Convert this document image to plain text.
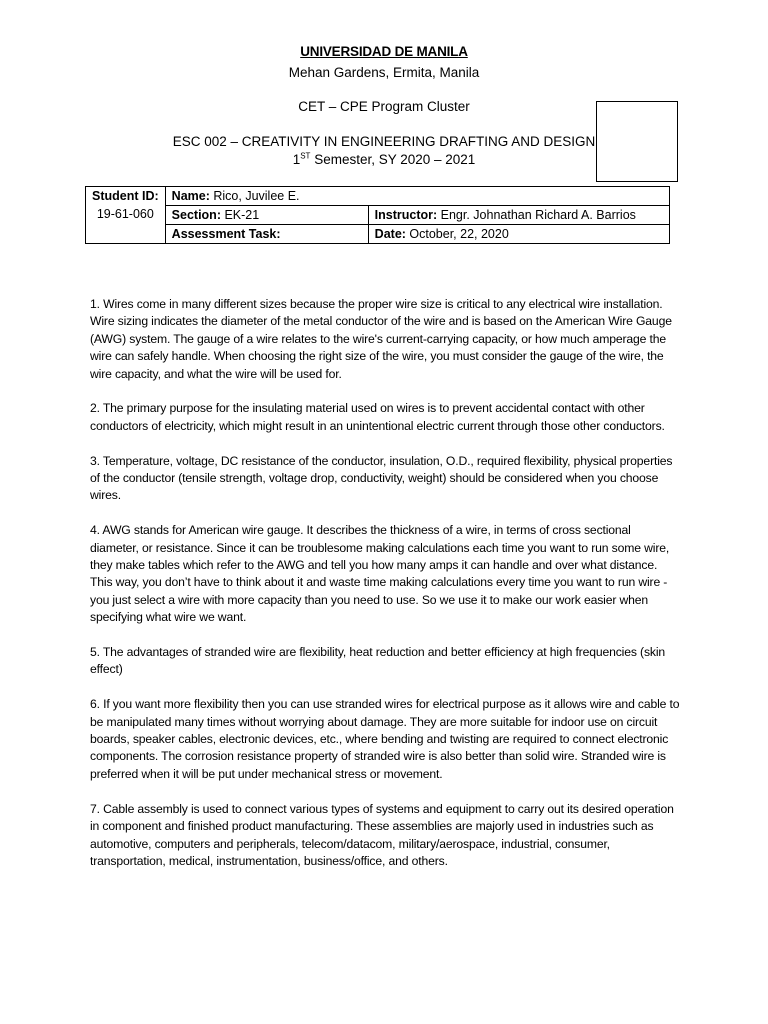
UNIVERSIDAD DE MANILA
Mehan Gardens, Ermita, Manila
CET – CPE Program Cluster
ESC 002 – CREATIVITY IN ENGINEERING DRAFTING AND DESIGN
1ST Semester, SY 2020 – 2021
Student ID:
19-61-060	Name: Rico, Juvilee E.	
	Section: EK-21	Instructor: Engr. Johnathan Richard A. Barrios
	Assessment Task:	Date: October, 22, 2020

1. Wires come in many different sizes because the proper wire size is critical to any electrical wire installation. Wire sizing indicates the diameter of the metal conductor of the wire and is based on the American Wire Gauge (AWG) system. The gauge of a wire relates to the wire's current-carrying capacity, or how much amperage the wire can safely handle. When choosing the right size of the wire, you must consider the gauge of the wire, the wire capacity, and what the wire will be used for.

2. The primary purpose for the insulating material used on wires is to prevent accidental contact with other conductors of electricity, which might result in an unintentional electric current through those other conductors.

3. Temperature, voltage, DC resistance of the conductor, insulation, O.D., required flexibility, physical properties of the conductor (tensile strength, voltage drop, conductivity, weight) should be considered when you choose wires.

4. AWG stands for American wire gauge. It describes the thickness of a wire, in terms of cross sectional diameter, or resistance. Since it can be troublesome making calculations each time you want to run some wire, they make tables which refer to the AWG and tell you how many amps it can handle and over what distance. This way, you don’t have to think about it and waste time making calculations every time you want to run wire - you just select a wire with more capacity than you need to use. So we use it to make our work easier when specifying what wire we want.

5. The advantages of stranded wire are flexibility, heat reduction and better efficiency at high frequencies (skin effect)

6. If you want more flexibility then you can use stranded wires for electrical purpose as it allows wire and cable to be manipulated many times without worrying about damage. They are more suitable for indoor use on circuit boards, speaker cables, electronic devices, etc., where bending and twisting are required to connect electronic components. The corrosion resistance property of stranded wire is also better than solid wire. Stranded wire is preferred when it will be put under mechanical stress or movement.

7. Cable assembly is used to connect various types of systems and equipment to carry out its desired operation in component and finished product manufacturing. These assemblies are majorly used in industries such as automotive, computers and peripherals, telecom/datacom, military/aerospace, industrial, consumer, transportation, medical, instrumentation, business/office, and others.
